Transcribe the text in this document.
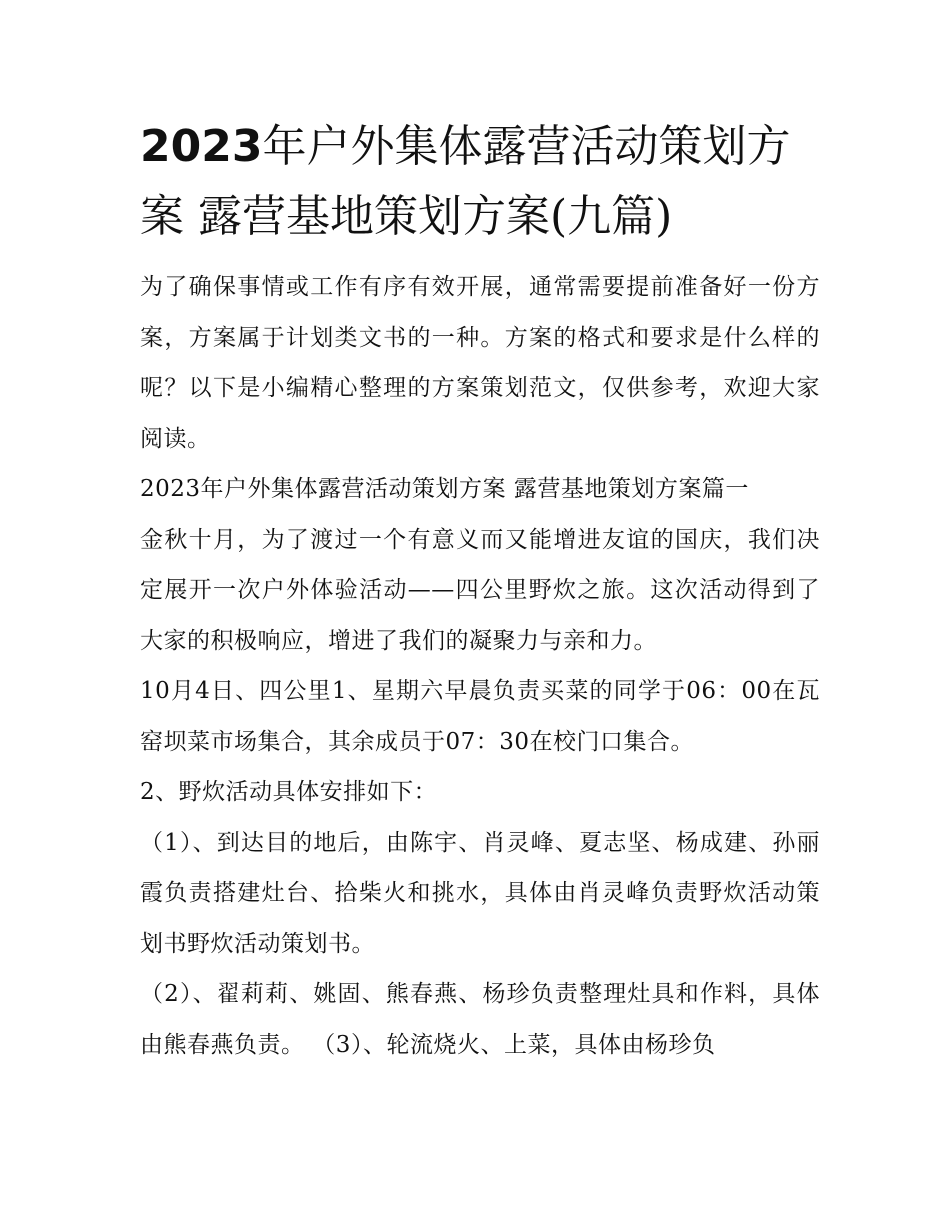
2023年户外集体露营活动策划方案 露营基地策划方案(九篇)

为了确保事情或工作有序有效开展，通常需要提前准备好一份方案，方案属于计划类文书的一种。方案的格式和要求是什么样的呢？以下是小编精心整理的方案策划范文，仅供参考，欢迎大家阅读。

2023年户外集体露营活动策划方案 露营基地策划方案篇一

金秋十月，为了渡过一个有意义而又能增进友谊的国庆，我们决定展开一次户外体验活动——四公里野炊之旅。这次活动得到了大家的积极响应，增进了我们的凝聚力与亲和力。

10月4日、四公里1、星期六早晨负责买菜的同学于06：00在瓦窑坝菜市场集合，其余成员于07：30在校门口集合。

2、野炊活动具体安排如下：

（1）、到达目的地后，由陈宇、肖灵峰、夏志坚、杨成建、孙丽霞负责搭建灶台、拾柴火和挑水，具体由肖灵峰负责野炊活动策划书野炊活动策划书。

（2）、翟莉莉、姚固、熊春燕、杨珍负责整理灶具和作料，具体由熊春燕负责。 （3）、轮流烧火、上菜，具体由杨珍负
